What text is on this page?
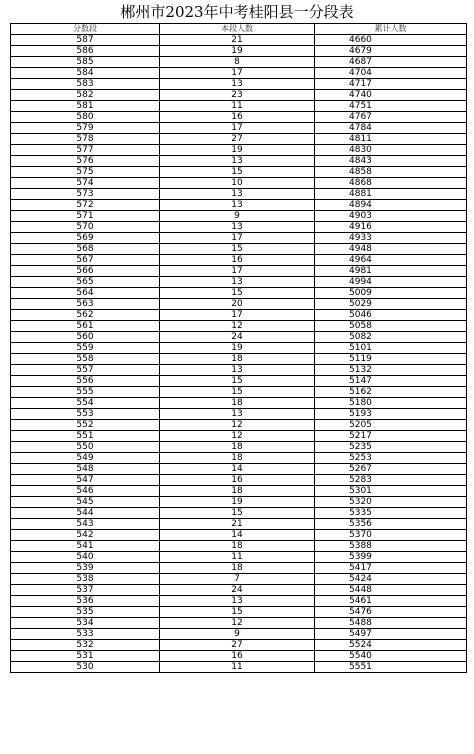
郴州市2023年中考桂阳县一分段表
分数段	本段人数	累计人数
587	21	4660
586	19	4679
585	8	4687
584	17	4704
583	13	4717
582	23	4740
581	11	4751
580	16	4767
579	17	4784
578	27	4811
577	19	4830
576	13	4843
575	15	4858
574	10	4868
573	13	4881
572	13	4894
571	9	4903
570	13	4916
569	17	4933
568	15	4948
567	16	4964
566	17	4981
565	13	4994
564	15	5009
563	20	5029
562	17	5046
561	12	5058
560	24	5082
559	19	5101
558	18	5119
557	13	5132
556	15	5147
555	15	5162
554	18	5180
553	13	5193
552	12	5205
551	12	5217
550	18	5235
549	18	5253
548	14	5267
547	16	5283
546	18	5301
545	19	5320
544	15	5335
543	21	5356
542	14	5370
541	18	5388
540	11	5399
539	18	5417
538	7	5424
537	24	5448
536	13	5461
535	15	5476
534	12	5488
533	9	5497
532	27	5524
531	16	5540
530	11	5551
